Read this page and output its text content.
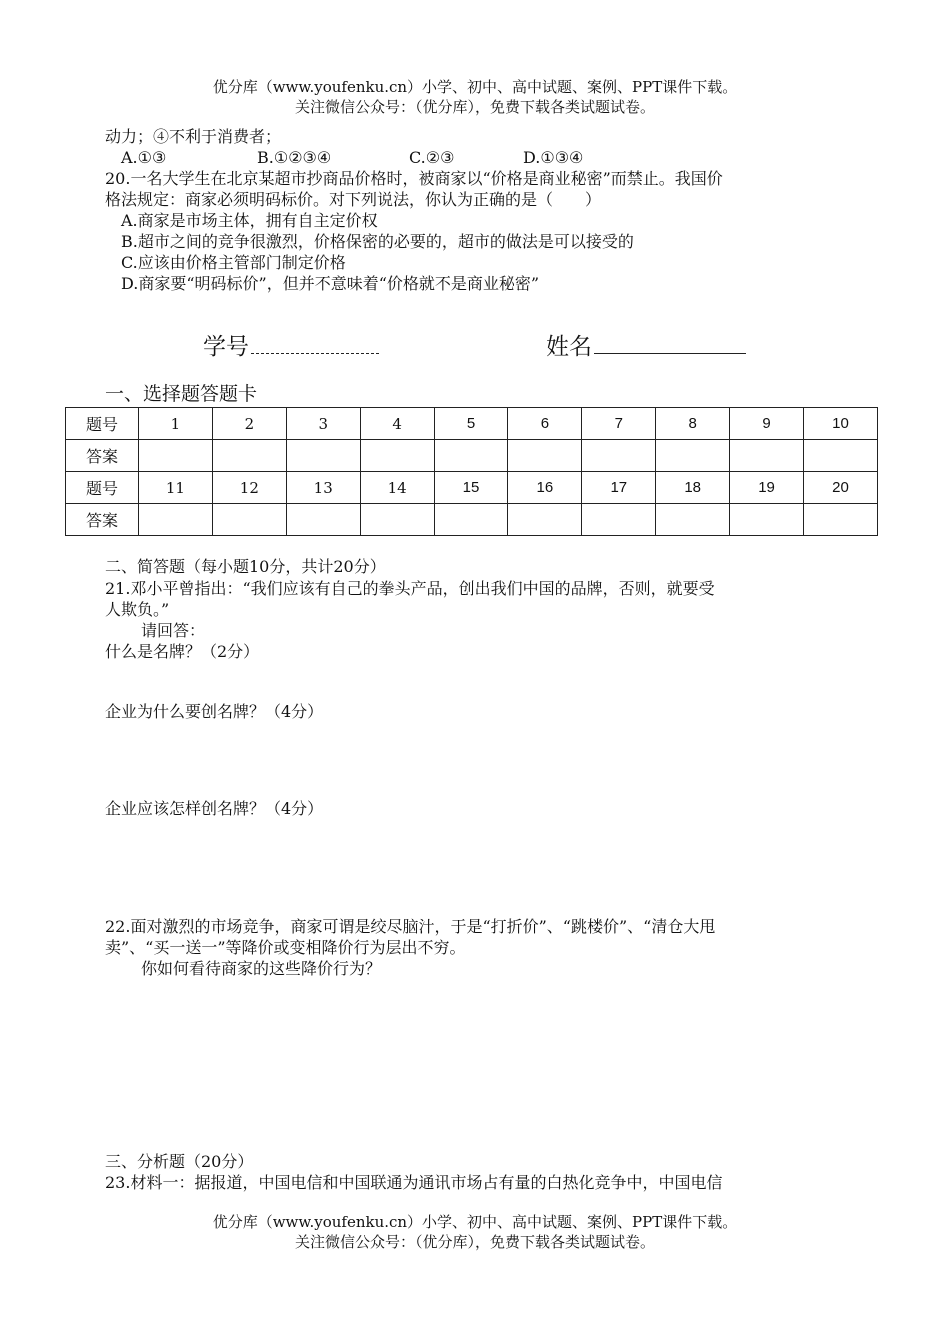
优分库（www.youfenku.cn）小学、初中、高中试题、案例、PPT课件下载。
关注微信公众号：（优分库），免费下载各类试题试卷。
动力；④不利于消费者；
A.①③	B.①②③④	C.②③	D.①③④
20.一名大学生在北京某超市抄商品价格时，被商家以“价格是商业秘密”而禁止。我国价
格法规定：商家必须明码标价。对下列说法，你认为正确的是（　　）
A.商家是市场主体，拥有自主定价权
B.超市之间的竞争很激烈，价格保密的必要的，超市的做法是可以接受的
C.应该由价格主管部门制定价格
D.商家要“明码标价”，但并不意味着“价格就不是商业秘密”
学号	姓名
一、选择题答题卡
题号	1	2	3	4	5	6	7	8	9	10
答案										
题号	11	12	13	14	15	16	17	18	19	20
答案										
二、简答题（每小题10分，共计20分）
21.邓小平曾指出：“我们应该有自己的拳头产品，创出我们中国的品牌，否则，就要受
人欺负。”
请回答：
什么是名牌？（2分）
企业为什么要创名牌？（4分）
企业应该怎样创名牌？（4分）
22.面对激烈的市场竞争，商家可谓是绞尽脑汁，于是“打折价”、“跳楼价”、“清仓大甩
卖”、“买一送一”等降价或变相降价行为层出不穷。
你如何看待商家的这些降价行为？
三、分析题（20分）
23.材料一：据报道，中国电信和中国联通为通讯市场占有量的白热化竞争中，中国电信
优分库（www.youfenku.cn）小学、初中、高中试题、案例、PPT课件下载。
关注微信公众号：（优分库），免费下载各类试题试卷。
